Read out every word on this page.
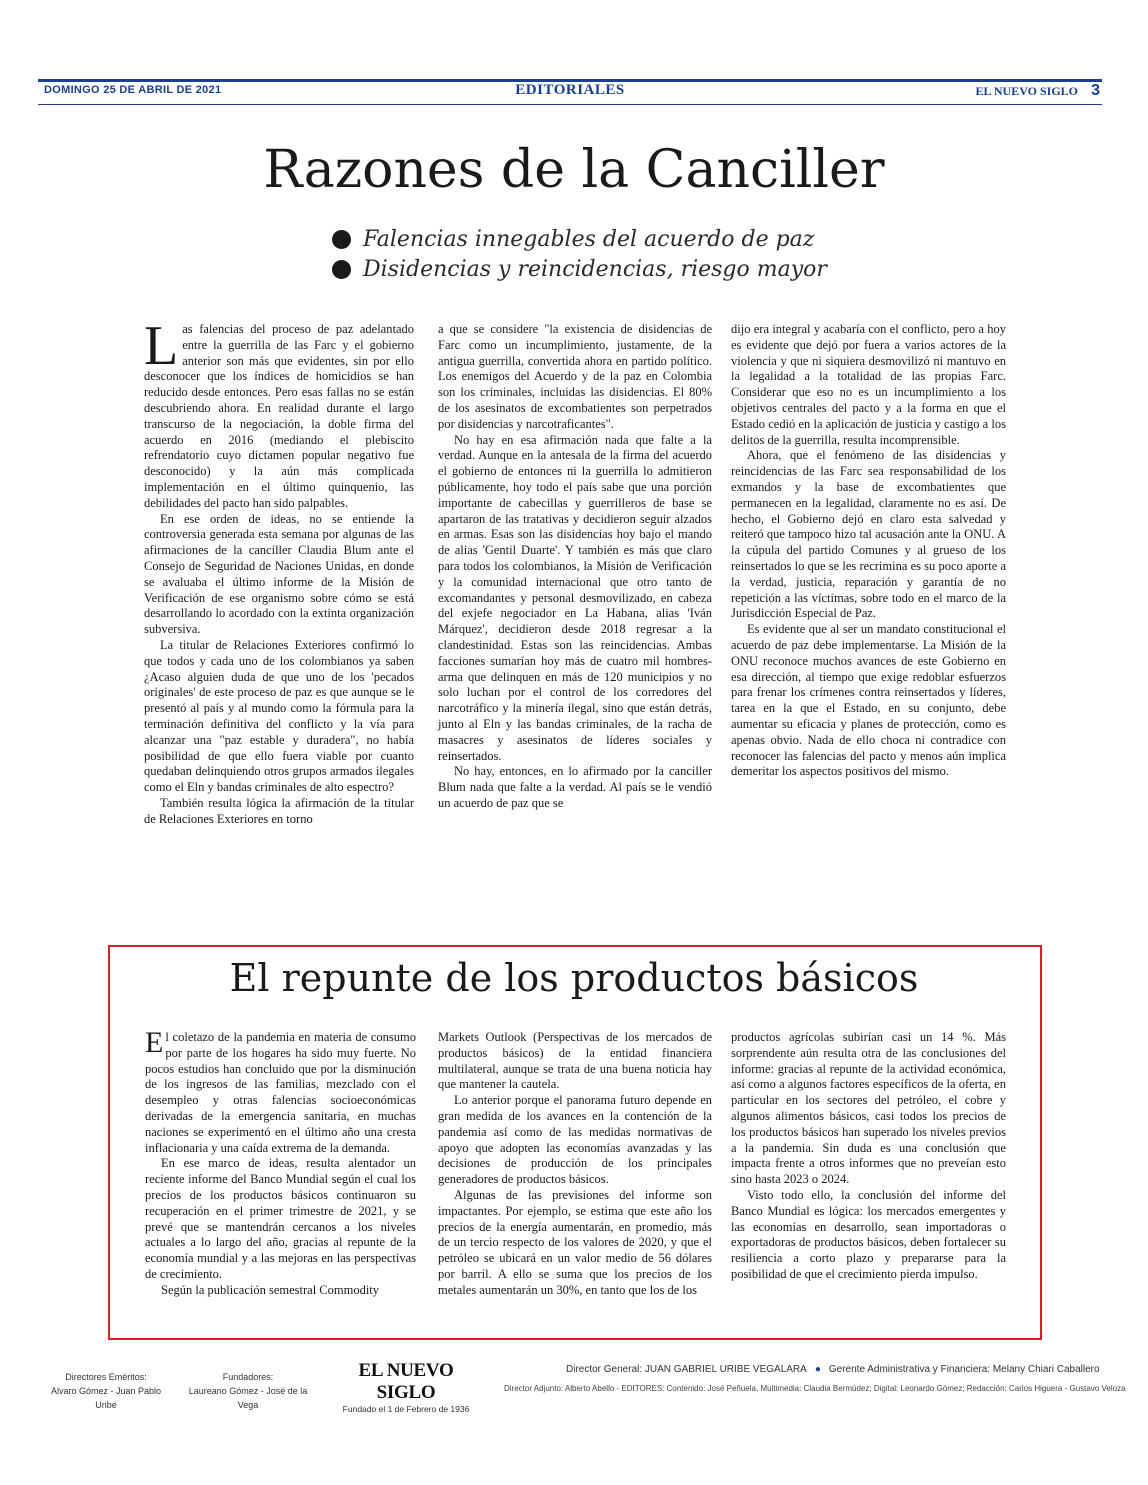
DOMINGO 25 DE ABRIL DE 2021	EDITORIALES	EL NUEVO SIGLO 3
Razones de la Canciller
Falencias innegables del acuerdo de paz
Disidencias y reincidencias, riesgo mayor

Las falencias del proceso de paz adelantado entre la guerrilla de las Farc y el gobierno anterior son más que evidentes, sin por ello desconocer que los índices de homicidios se han reducido desde entonces. Pero esas fallas no se están descubriendo ahora. En realidad durante el largo transcurso de la negociación, la doble firma del acuerdo en 2016 (mediando el plebiscito refrendatorio cuyo dictamen popular negativo fue desconocido) y la aún más complicada implementación en el último quinquenio, las debilidades del pacto han sido palpables.

En ese orden de ideas, no se entiende la controversia generada esta semana por algunas de las afirmaciones de la canciller Claudia Blum ante el Consejo de Seguridad de Naciones Unidas, en donde se avaluaba el último informe de la Misión de Verificación de ese organismo sobre cómo se está desarrollando lo acordado con la extinta organización subversiva.

La titular de Relaciones Exteriores confirmó lo que todos y cada uno de los colombianos ya saben ¿Acaso alguien duda de que uno de los 'pecados originales' de este proceso de paz es que aunque se le presentó al país y al mundo como la fórmula para la terminación definitiva del conflicto y la vía para alcanzar una "paz estable y duradera", no había posibilidad de que ello fuera viable por cuanto quedaban delinquiendo otros grupos armados ilegales como el Eln y bandas criminales de alto espectro?

También resulta lógica la afirmación de la titular de Relaciones Exteriores en torno

a que se considere "la existencia de disidencias de Farc como un incumplimiento, justamente, de la antigua guerrilla, convertida ahora en partido político. Los enemigos del Acuerdo y de la paz en Colombia son los criminales, incluidas las disidencias. El 80% de los asesinatos de excombatientes son perpetrados por disidencias y narcotraficantes".

No hay en esa afirmación nada que falte a la verdad. Aunque en la antesala de la firma del acuerdo el gobierno de entonces ni la guerrilla lo admitieron públicamente, hoy todo el país sabe que una porción importante de cabecillas y guerrilleros de base se apartaron de las tratativas y decidieron seguir alzados en armas. Esas son las disidencias hoy bajo el mando de alias 'Gentil Duarte'. Y también es más que claro para todos los colombianos, la Misión de Verificación y la comunidad internacional que otro tanto de excomandantes y personal desmovilizado, en cabeza del exjefe negociador en La Habana, alias 'Iván Márquez', decidieron desde 2018 regresar a la clandestinidad. Estas son las reincidencias. Ambas facciones sumarían hoy más de cuatro mil hombres-arma que delinquen en más de 120 municipios y no solo luchan por el control de los corredores del narcotráfico y la minería ilegal, sino que están detrás, junto al Eln y las bandas criminales, de la racha de masacres y asesinatos de líderes sociales y reinsertados.

No hay, entonces, en lo afirmado por la canciller Blum nada que falte a la verdad. Al país se le vendió un acuerdo de paz que se

dijo era integral y acabaría con el conflicto, pero a hoy es evidente que dejó por fuera a varios actores de la violencia y que ni siquiera desmovilizó ni mantuvo en la legalidad a la totalidad de las propias Farc. Considerar que eso no es un incumplimiento a los objetivos centrales del pacto y a la forma en que el Estado cedió en la aplicación de justicia y castigo a los delitos de la guerrilla, resulta incomprensible.

Ahora, que el fenómeno de las disidencias y reincidencias de las Farc sea responsabilidad de los exmandos y la base de excombatientes que permanecen en la legalidad, claramente no es así. De hecho, el Gobierno dejó en claro esta salvedad y reiteró que tampoco hizo tal acusación ante la ONU. A la cúpula del partido Comunes y al grueso de los reinsertados lo que se les recrimina es su poco aporte a la verdad, justicia, reparación y garantía de no repetición a las víctimas, sobre todo en el marco de la Jurisdicción Especial de Paz.

Es evidente que al ser un mandato constitucional el acuerdo de paz debe implementarse. La Misión de la ONU reconoce muchos avances de este Gobierno en esa dirección, al tiempo que exige redoblar esfuerzos para frenar los crímenes contra reinsertados y líderes, tarea en la que el Estado, en su conjunto, debe aumentar su eficacia y planes de protección, como es apenas obvio. Nada de ello choca ni contradice con reconocer las falencias del pacto y menos aún implica demeritar los aspectos positivos del mismo.

El repunte de los productos básicos

El coletazo de la pandemia en materia de consumo por parte de los hogares ha sido muy fuerte. No pocos estudios han concluido que por la disminución de los ingresos de las familias, mezclado con el desempleo y otras falencias socioeconómicas derivadas de la emergencia sanitaria, en muchas naciones se experimentó en el último año una cresta inflacionaria y una caída extrema de la demanda.

En ese marco de ideas, resulta alentador un reciente informe del Banco Mundial según el cual los precios de los productos básicos continuaron su recuperación en el primer trimestre de 2021, y se prevé que se mantendrán cercanos a los niveles actuales a lo largo del año, gracias al repunte de la economía mundial y a las mejoras en las perspectivas de crecimiento.

Según la publicación semestral Commodity

Markets Outlook (Perspectivas de los mercados de productos básicos) de la entidad financiera multilateral, aunque se trata de una buena noticia hay que mantener la cautela.

Lo anterior porque el panorama futuro depende en gran medida de los avances en la contención de la pandemia así como de las medidas normativas de apoyo que adopten las economías avanzadas y las decisiones de producción de los principales generadores de productos básicos.

Algunas de las previsiones del informe son impactantes. Por ejemplo, se estima que este año los precios de la energía aumentarán, en promedio, más de un tercio respecto de los valores de 2020, y que el petróleo se ubicará en un valor medio de 56 dólares por barril. A ello se suma que los precios de los metales aumentarán un 30%, en tanto que los de los

productos agrícolas subirían casi un 14 %. Más sorprendente aún resulta otra de las conclusiones del informe: gracias al repunte de la actividad económica, así como a algunos factores específicos de la oferta, en particular en los sectores del petróleo, el cobre y algunos alimentos básicos, casi todos los precios de los productos básicos han superado los niveles previos a la pandemia. Sin duda es una conclusión que impacta frente a otros informes que no preveían esto sino hasta 2023 o 2024.

Visto todo ello, la conclusión del informe del Banco Mundial es lógica: los mercados emergentes y las economías en desarrollo, sean importadoras o exportadoras de productos básicos, deben fortalecer su resiliencia a corto plazo y prepararse para la posibilidad de que el crecimiento pierda impulso.

Directores Eméritos:
Alvaro Gómez - Juan Pablo Uribe
Fundadores:
Laureano Gómez - José de la Vega
EL NUEVO SIGLO
Fundado el 1 de Febrero de 1936
Director General: JUAN GABRIEL URIBE VEGALARA ● Gerente Administrativa y Financiera: Melany Chiari Caballero
Director Adjunto: Alberto Abello - EDITORES: Contenido: José Peñuela, Multimedia: Claudia Bermúdez; Digital: Leonardo Gómez; Redacción: Carlos Higuera - Gustavo Veloza
